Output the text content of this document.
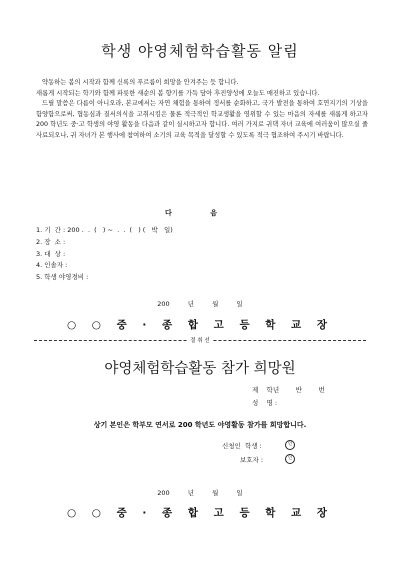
학생 야영체험학습활동 알림

약동하는 봄의 시작과 함께 신록의 푸르름이 희망을 안겨주는 듯 합니다.

새롭게 시작되는 학기와 함께 파릇한 새순의 봄 향기를 가득 담아 후진양성에 오늘도 매진하고 있습니다.

드릴 말씀은 다름이 아니오라, 본교에서는 자연 체험을 통하여 정서를 순화하고, 국가 발전을 통하여 호연지기의 기상을 함양함으로써, 협동심과 질서의식을 고취시킴은 물론 적극적인 학교생활을 영위할 수 있는 마음의 자세를 새롭게 하고자 200 학년도 중·고 학생의 야영 활동을 다음과 같이 실시하고자 합니다. 여러 가지로 귀댁 자녀 교육에 여러움이 많으실 줄 사료되오나, 귀 자녀가 본 행사에 참여하여 소기의 교육 목적을 달성할 수 있도록 적극 협조하여 주시기 바랍니다.

다 음
1. 기  간 : 200 .  .  (   ) ~  .  .  (   ) (   박   일)
2. 장  소 :
3. 대  상 :
4. 인솔자 :
5. 학생 야영경비 :
200 년 월 일
○ ○ 중 · 종 합 고 등 학 교 장
절 취 선
야영체험학습활동 참가 희망원
제    학년        반        번
성    명 :
상기 본인은 학부모 연서로 200 학년도 야영활동 참가를 희망합니다.
신청인  학생 :	인
보호자 :	인
200 년 월 일
○ ○ 중 · 종 합 고 등 학 교 장
